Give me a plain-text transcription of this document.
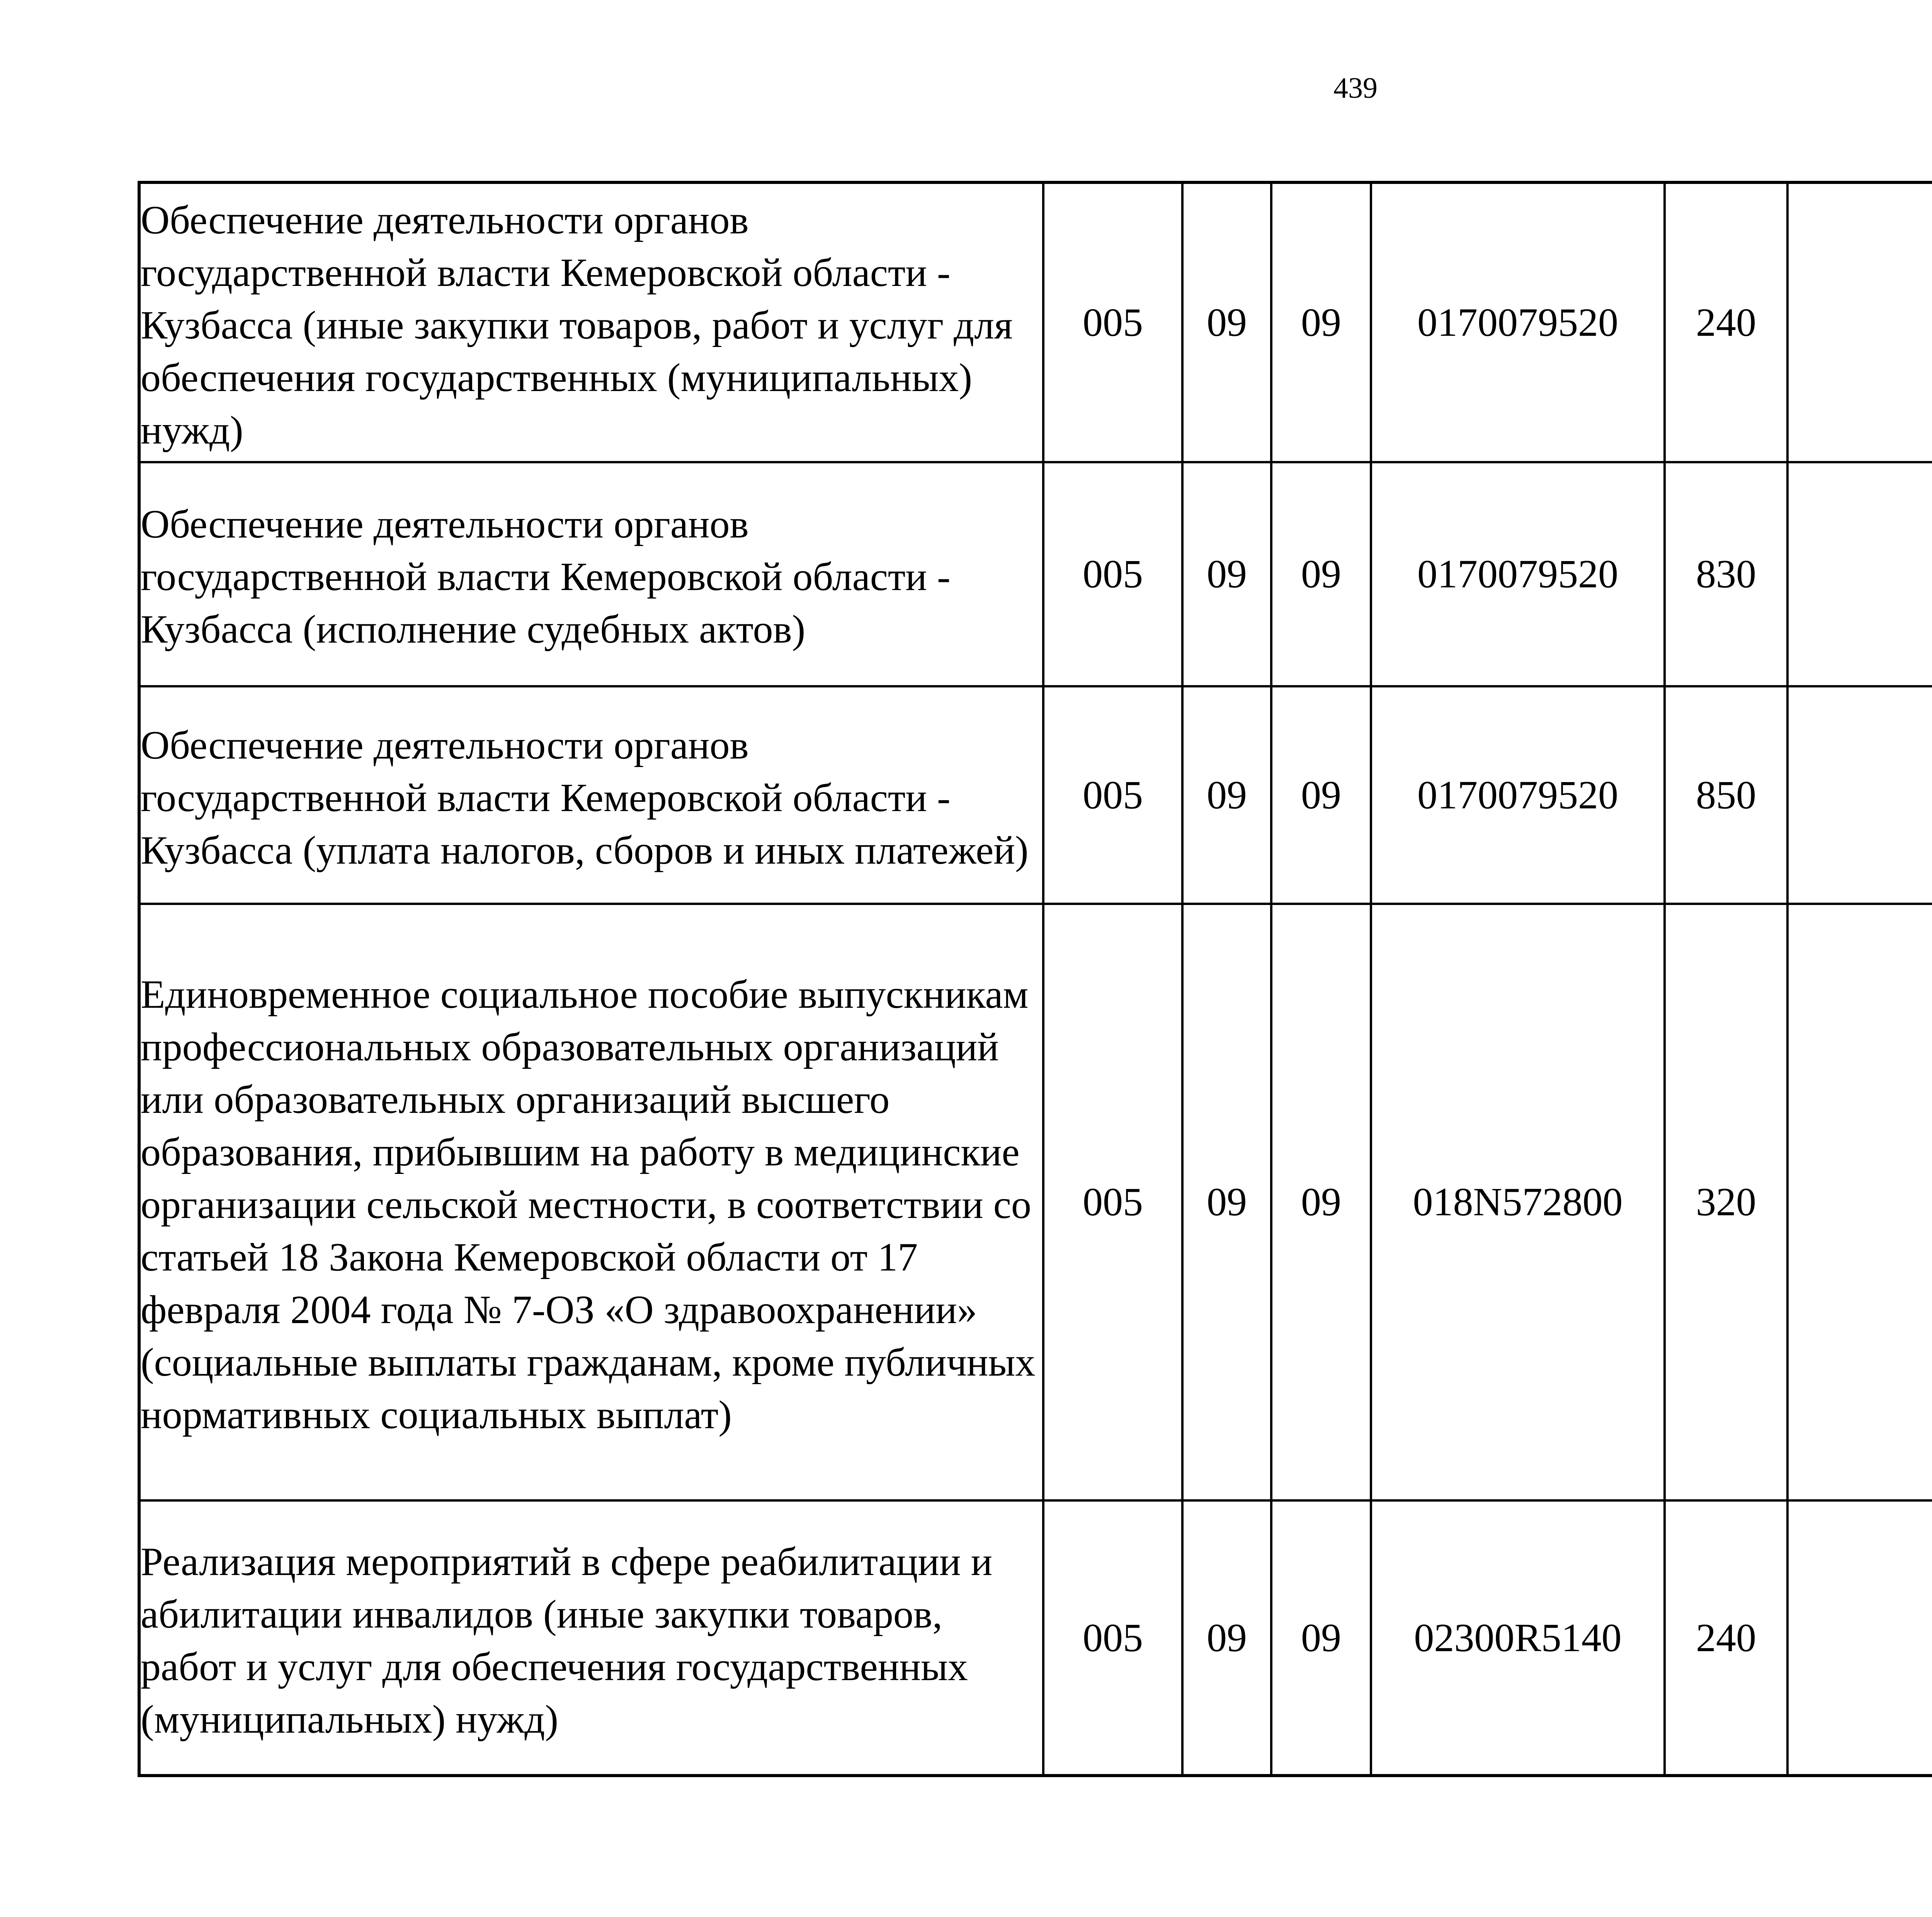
439
Обеспечение деятельности органов государственной власти Кемеровской области - Кузбасса (иные закупки товаров, работ и услуг для обеспечения государственных (муниципальных) нужд)	005	09	09	0170079520	240			

Обеспечение деятельности органов государственной власти Кемеровской области - Кузбасса (исполнение судебных актов)	005	09	09	0170079520	830			

Обеспечение деятельности органов государственной власти Кемеровской области - Кузбасса (уплата налогов, сборов и иных платежей)	005	09	09	0170079520	850			

Единовременное социальное пособие выпускникам профессиональных образовательных организаций или образовательных организаций высшего образования, прибывшим на работу в медицинские организации сельской местности, в соответствии со статьей 18 Закона Кемеровской области от 17 февраля 2004 года № 7-ОЗ «О здравоохранении» (социальные выплаты гражданам, кроме публичных нормативных социальных выплат)	005	09	09	018N572800	320			

Реализация мероприятий в сфере реабилитации и абилитации инвалидов (иные закупки товаров, работ и услуг для обеспечения государственных (муниципальных) нужд)	005	09	09	02300R5140	240			
